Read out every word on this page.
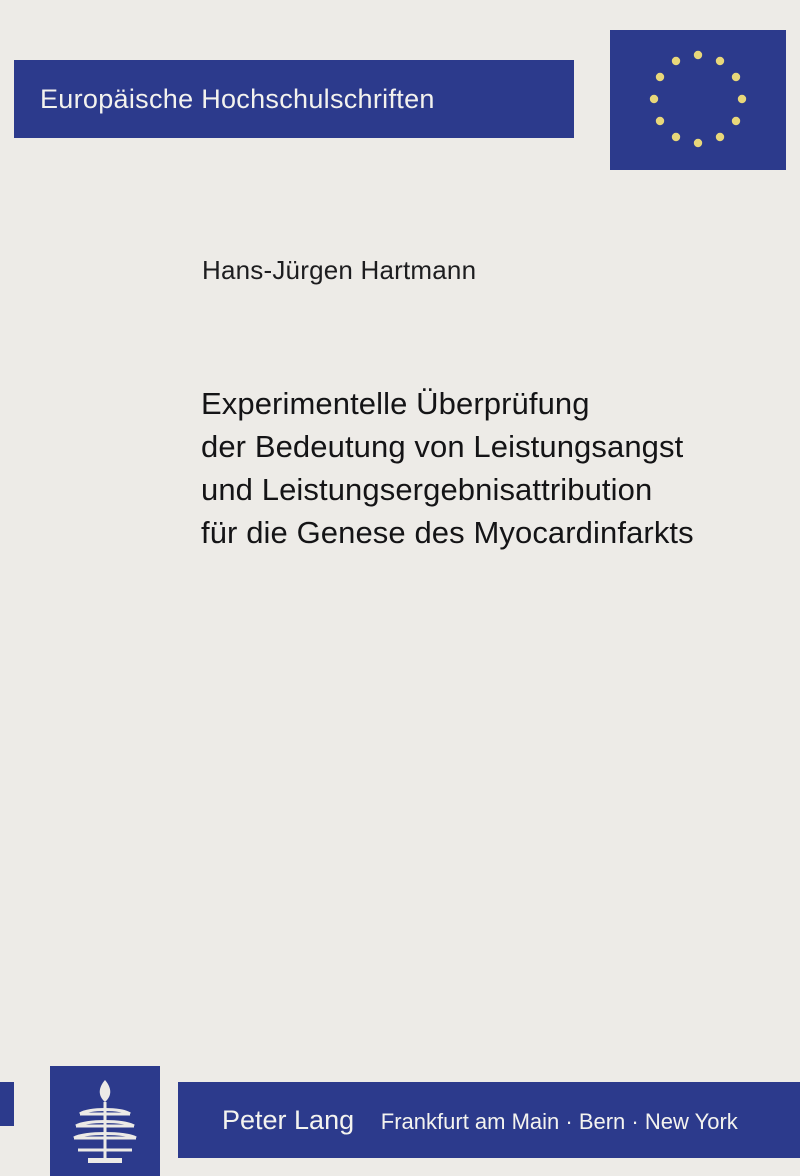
Europäische Hochschulschriften
Hans-Jürgen Hartmann
Experimentelle Überprüfung
der Bedeutung von Leistungsangst
und Leistungsergebnisattribution
für die Genese des Myocardinfarkts
Peter Lang Frankfurt am Main · Bern · New York
